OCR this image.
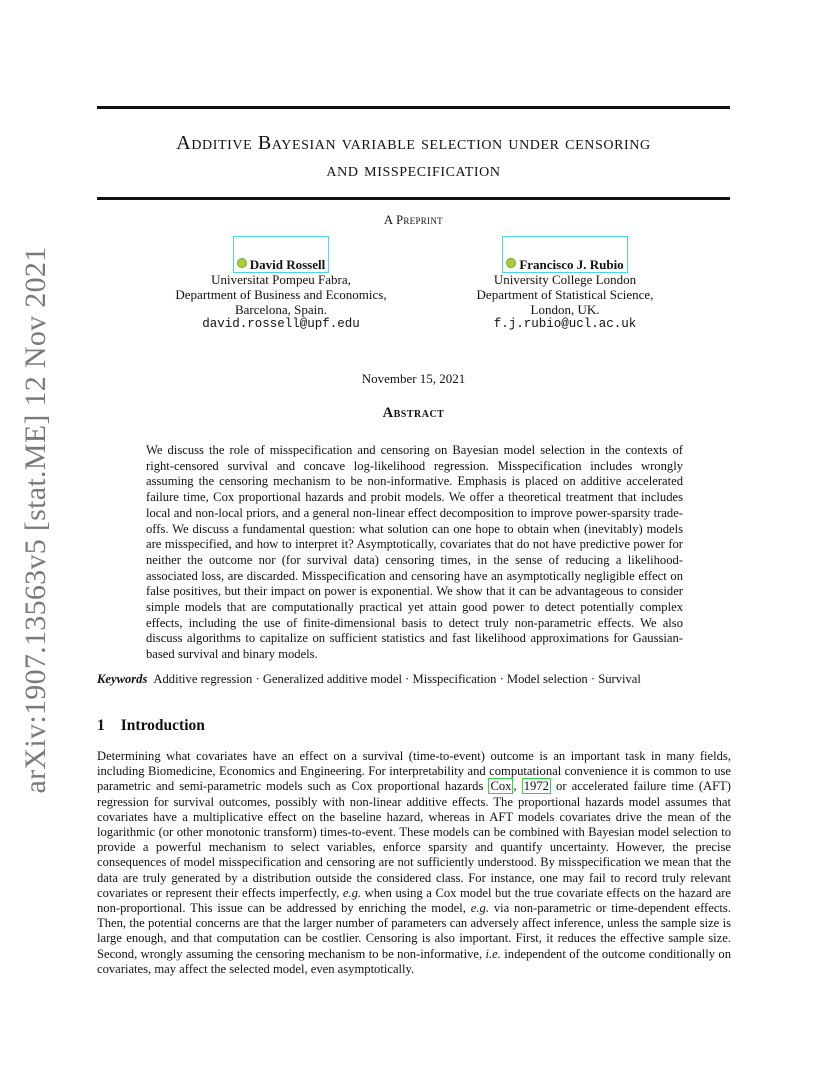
arXiv:1907.13563v5 [stat.ME] 12 Nov 2021
Additive Bayesian variable selection under censoring
and misspecification
A Preprint
David Rossell
Universitat Pompeu Fabra,
Department of Business and Economics,
Barcelona, Spain.
david.rossell@upf.edu
Francisco J. Rubio
University College London
Department of Statistical Science,
London, UK.
f.j.rubio@ucl.ac.uk
November 15, 2021
Abstract
We discuss the role of misspecification and censoring on Bayesian model selection in the contexts of right-censored survival and concave log-likelihood regression. Misspecification includes wrongly assuming the censoring mechanism to be non-informative. Emphasis is placed on additive accelerated failure time, Cox proportional hazards and probit models. We offer a theoretical treatment that includes local and non-local priors, and a general non-linear effect decomposition to improve power-sparsity trade-offs. We discuss a fundamental question: what solution can one hope to obtain when (inevitably) models are misspecified, and how to interpret it? Asymptotically, covariates that do not have predictive power for neither the outcome nor (for survival data) censoring times, in the sense of reducing a likelihood-associated loss, are discarded. Misspecification and censoring have an asymptotically negligible effect on false positives, but their impact on power is exponential. We show that it can be advantageous to consider simple models that are computationally practical yet attain good power to detect potentially complex effects, including the use of finite-dimensional basis to detect truly non-parametric effects. We also discuss algorithms to capitalize on sufficient statistics and fast likelihood approximations for Gaussian-based survival and binary models.
Keywords Additive regression · Generalized additive model · Misspecification · Model selection · Survival
1 Introduction
Determining what covariates have an effect on a survival (time-to-event) outcome is an important task in many fields, including Biomedicine, Economics and Engineering. For interpretability and computational convenience it is common to use parametric and semi-parametric models such as Cox proportional hazards Cox , 1972 or accelerated failure time (AFT) regression for survival outcomes, possibly with non-linear additive effects. The proportional hazards model assumes that covariates have a multiplicative effect on the baseline hazard, whereas in AFT models covariates drive the mean of the logarithmic (or other monotonic transform) times-to-event. These models can be combined with Bayesian model selection to provide a powerful mechanism to select variables, enforce sparsity and quantify uncertainty. However, the precise consequences of model misspecification and censoring are not sufficiently understood. By misspecification we mean that the data are truly generated by a distribution outside the considered class. For instance, one may fail to record truly relevant covariates or represent their effects imperfectly, e.g. when using a Cox model but the true covariate effects on the hazard are non-proportional. This issue can be addressed by enriching the model, e.g. via non-parametric or time-dependent effects. Then, the potential concerns are that the larger number of parameters can adversely affect inference, unless the sample size is large enough, and that computation can be costlier. Censoring is also important. First, it reduces the effective sample size. Second, wrongly assuming the censoring mechanism to be non-informative, i.e. independent of the outcome conditionally on covariates, may affect the selected model, even asymptotically.
